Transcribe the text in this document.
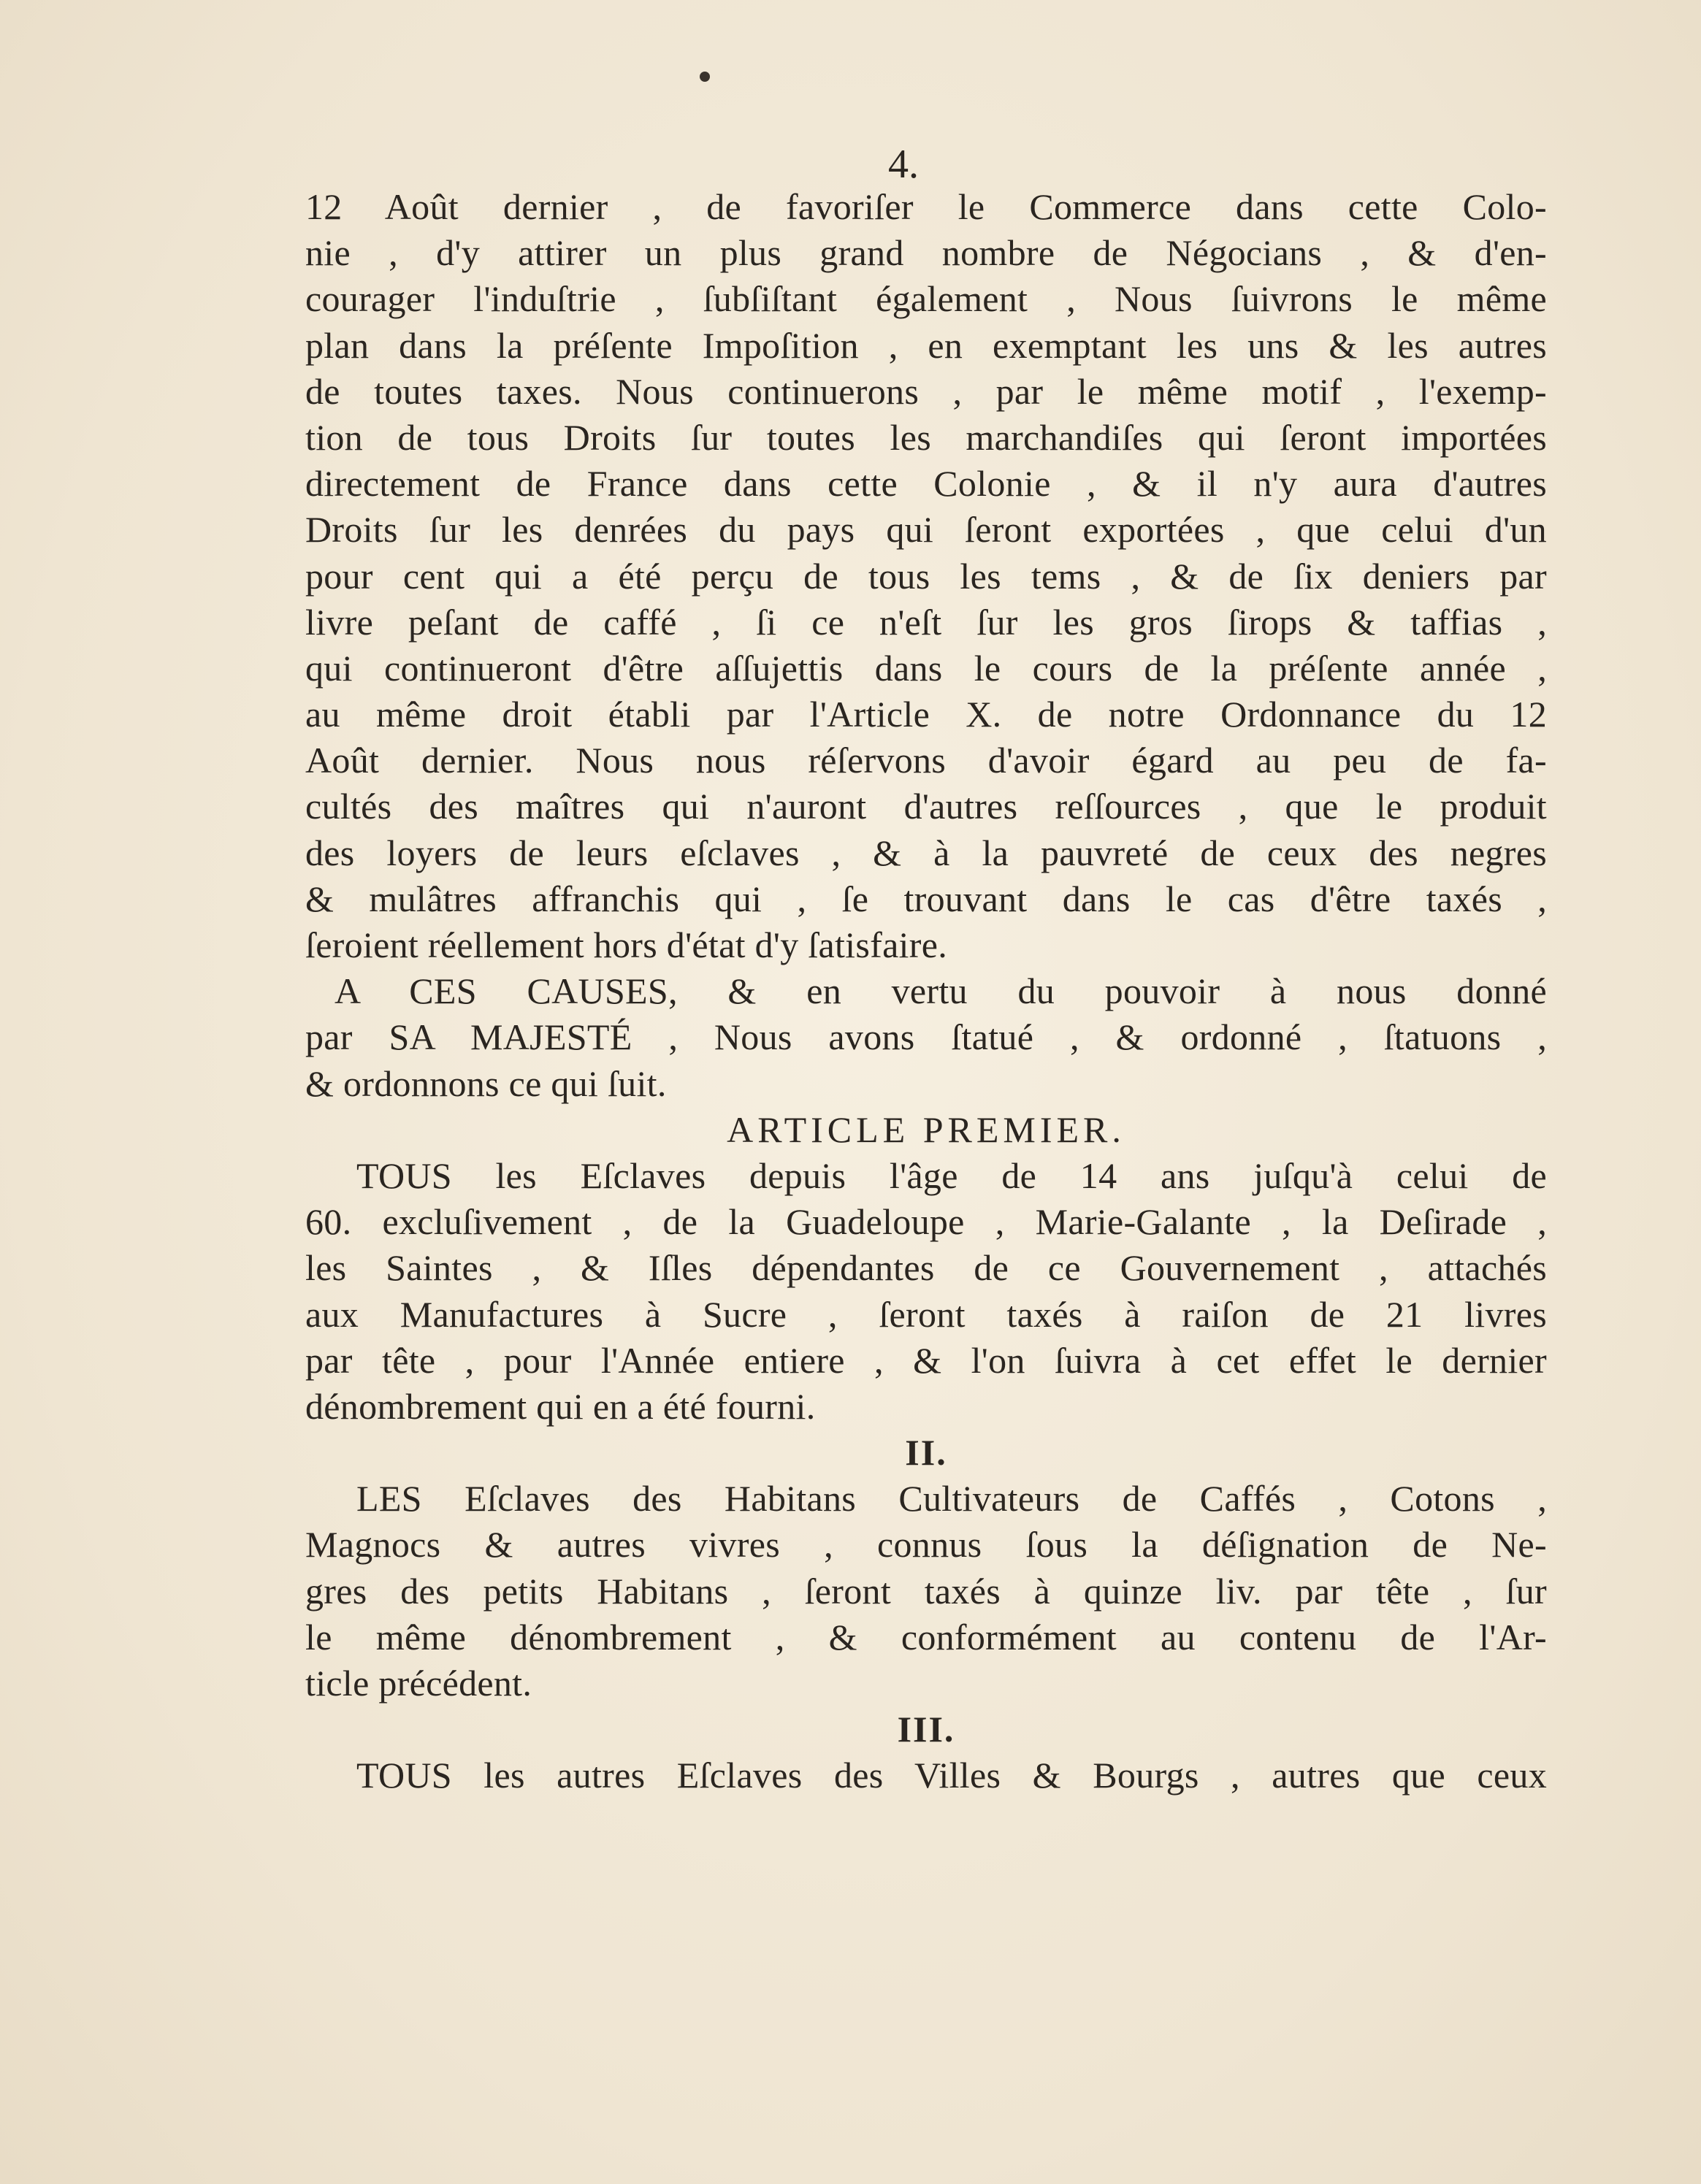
4.

12 Août dernier , de favoriſer le Commerce dans cette Colo-
nie , d'y attirer un plus grand nombre de Négocians , & d'en-
courager l'induſtrie , ſubſiſtant également , Nous ſuivrons le même
plan dans la préſente Impoſition , en exemptant les uns & les autres
de toutes taxes. Nous continuerons , par le même motif , l'exemp-
tion de tous Droits ſur toutes les marchandiſes qui ſeront importées
directement de France dans cette Colonie , & il n'y aura d'autres
Droits ſur les denrées du pays qui ſeront exportées , que celui d'un
pour cent qui a été perçu de tous les tems , & de ſix deniers par
livre peſant de caffé , ſi ce n'eſt ſur les gros ſirops & taffias ,
qui continueront d'être aſſujettis dans le cours de la préſente année ,
au même droit établi par l'Article X. de notre Ordonnance du 12
Août dernier. Nous nous réſervons d'avoir égard au peu de fa-
cultés des maîtres qui n'auront d'autres reſſources , que le produit
des loyers de leurs eſclaves , & à la pauvreté de ceux des negres
& mulâtres affranchis qui , ſe trouvant dans le cas d'être taxés ,
ſeroient réellement hors d'état d'y ſatisfaire.
A CES CAUSES, & en vertu du pouvoir à nous donné
par SA MAJESTÉ , Nous avons ſtatué , & ordonné , ſtatuons ,
& ordonnons ce qui ſuit.
ARTICLE PREMIER.
TOUS les Eſclaves depuis l'âge de 14 ans juſqu'à celui de
60. excluſivement , de la Guadeloupe , Marie-Galante , la Deſirade ,
les Saintes , & Iſles dépendantes de ce Gouvernement , attachés
aux Manufactures à Sucre , ſeront taxés à raiſon de 21 livres
par tête , pour l'Année entiere , & l'on ſuivra à cet effet le dernier
dénombrement qui en a été fourni.
II.
LES Eſclaves des Habitans Cultivateurs de Caffés , Cotons ,
Magnocs & autres vivres , connus ſous la déſignation de Ne-
gres des petits Habitans , ſeront taxés à quinze liv. par tête , ſur
le même dénombrement , & conformément au contenu de l'Ar-
ticle précédent.
III.
TOUS les autres Eſclaves des Villes & Bourgs , autres que ceux
